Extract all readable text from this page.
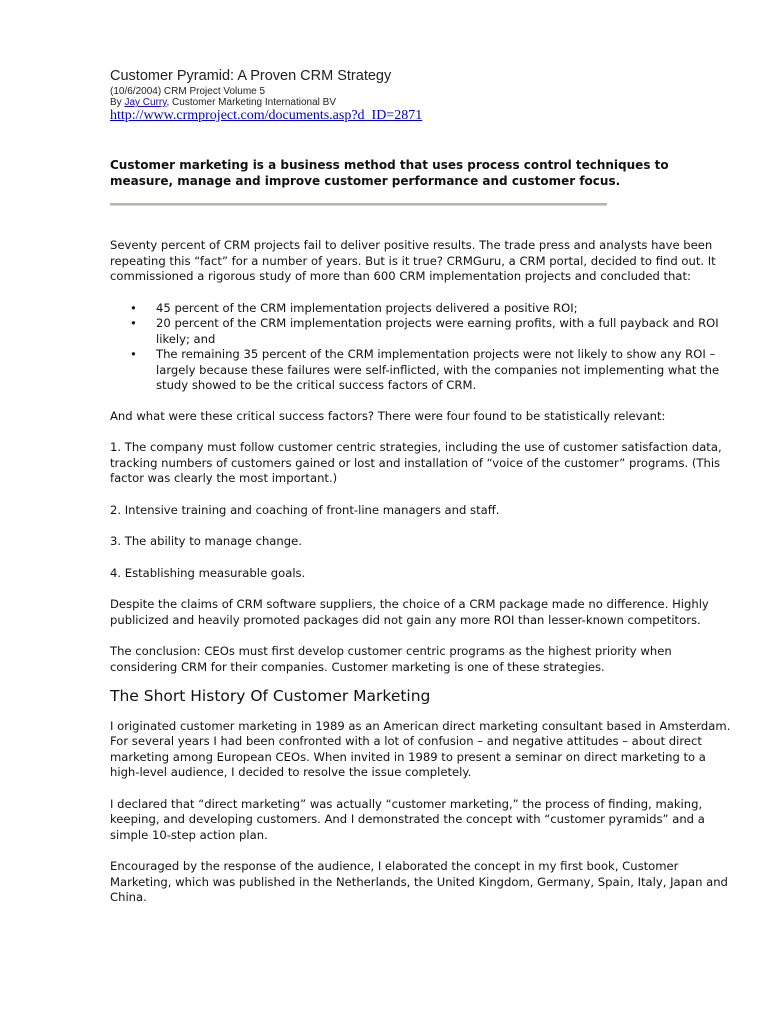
Customer Pyramid: A Proven CRM Strategy
(10/6/2004) CRM Project Volume 5
By Jay Curry, Customer Marketing International BV
http://www.crmproject.com/documents.asp?d_ID=2871

Customer marketing is a business method that uses process control techniques to measure, manage and improve customer performance and customer focus.

Seventy percent of CRM projects fail to deliver positive results. The trade press and analysts have been repeating this “fact” for a number of years. But is it true? CRMGuru, a CRM portal, decided to find out. It commissioned a rigorous study of more than 600 CRM implementation projects and concluded that:

• 45 percent of the CRM implementation projects delivered a positive ROI;
• 20 percent of the CRM implementation projects were earning profits, with a full payback and ROI likely; and
• The remaining 35 percent of the CRM implementation projects were not likely to show any ROI – largely because these failures were self-inflicted, with the companies not implementing what the study showed to be the critical success factors of CRM.

And what were these critical success factors? There were four found to be statistically relevant:

1. The company must follow customer centric strategies, including the use of customer satisfaction data, tracking numbers of customers gained or lost and installation of “voice of the customer” programs. (This factor was clearly the most important.)

2. Intensive training and coaching of front-line managers and staff.

3. The ability to manage change.

4. Establishing measurable goals.

Despite the claims of CRM software suppliers, the choice of a CRM package made no difference. Highly publicized and heavily promoted packages did not gain any more ROI than lesser-known competitors.

The conclusion: CEOs must first develop customer centric programs as the highest priority when considering CRM for their companies. Customer marketing is one of these strategies.

The Short History Of Customer Marketing

I originated customer marketing in 1989 as an American direct marketing consultant based in Amsterdam. For several years I had been confronted with a lot of confusion – and negative attitudes – about direct marketing among European CEOs. When invited in 1989 to present a seminar on direct marketing to a high-level audience, I decided to resolve the issue completely.

I declared that “direct marketing” was actually “customer marketing,” the process of finding, making, keeping, and developing customers. And I demonstrated the concept with “customer pyramids” and a simple 10-step action plan.

Encouraged by the response of the audience, I elaborated the concept in my first book, Customer Marketing, which was published in the Netherlands, the United Kingdom, Germany, Spain, Italy, Japan and China.
